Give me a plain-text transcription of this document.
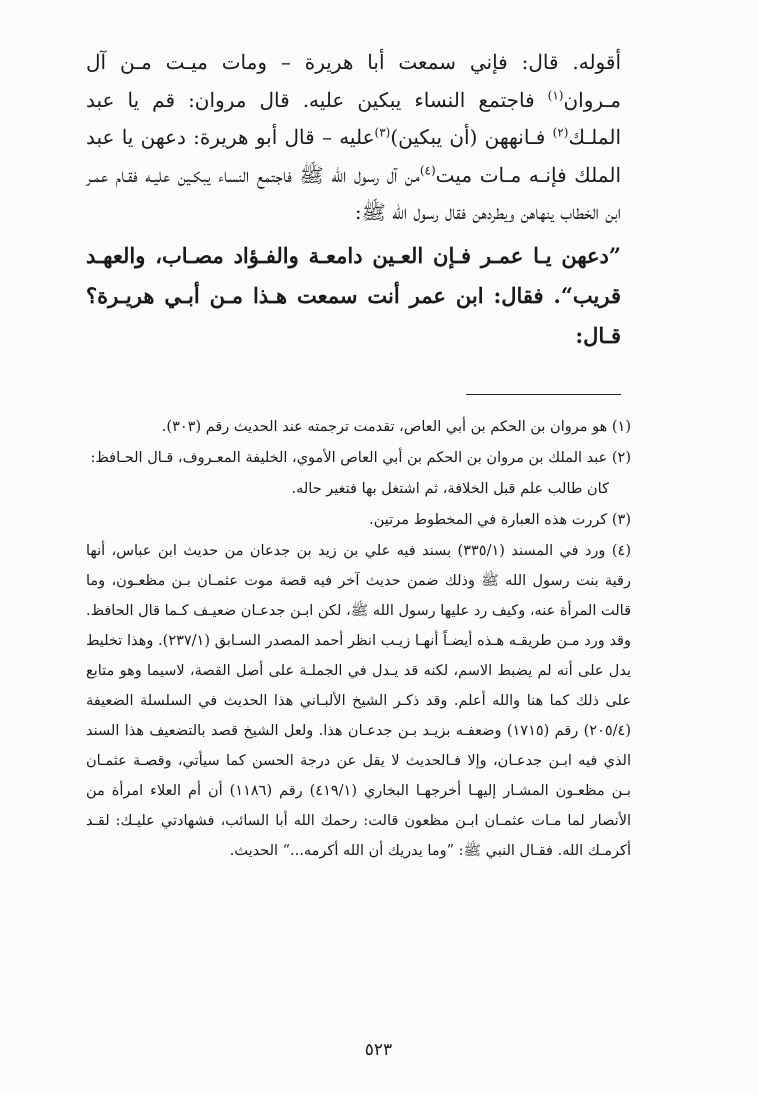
أقوله. قال: فإني سمعت أبا هريرة – ومات ميـت مـن آل مـروان$^{(١)}$ فاجتمع النساء يبكين عليه. قال مروان: قم يا عبد الملـك$^{(٢)}$ فـانههن (أن يبكين)$^{(٣)}$عليه – قال أبو هريرة: دعهن يا عبد الملك فإنـه مـات ميت$^{(٤)}$من آل رسول الله ﷺ فاجتمع النساء يبكـين عليـه فقـام عمـر ابن الخطاب ينهاهن ويطردهن فقال رسول الله ﷺ:

”دعهن يـا عمـر فـإن العـين دامعـة والفـؤاد مصـاب، والعهـد قريب“. فقال: ابن عمر أنت سمعت هـذا مـن أبـي هريـرة؟ قـال:

(١) هو مروان بن الحكم بن أبي العاص، تقدمت ترجمته عند الحديث رقم (٣٠٣).

(٢) عبد الملك بن مروان بن الحكم بن أبي العاص الأموي، الخليفة المعـروف، قـال الحـافظ:

كان طالب علم قبل الخلافة، ثم اشتغل بها فتغير حاله.

(٣) كررت هذه العبارة في المخطوط مرتين.

(٤) ورد في المسند (٣٣٥/١) بسند فيه علي بن زيد بن جدعان من حديث ابن عباس، أنها رقية بنت رسول الله ﷺ وذلك ضمن حديث آخر فيه قصة موت عثمـان بـن مظعـون، وما قالت المرأة عنه، وكيف رد عليها رسول الله ﷺ، لكن ابـن جدعـان ضعيـف كـما قال الحافظ. وقد ورد مـن طريقـه هـذه أيضـاً أنهـا زيـب انظر أحمد المصدر السـابق (٢٣٧/١). وهذا تخليط يدل على أنه لم يضبط الاسم، لكنه قد يـدل في الجملـة على أصل القصة، لاسيما وهو متابع على ذلك كما هنا والله أعلم. وقد ذكـر الشيخ الألبـاني هذا الحديث في السلسلة الضعيفة (٢٠٥/٤) رقم (١٧١٥) وضعفـه بزيـد بـن جدعـان هذا. ولعل الشيخ قصد بالتضعيف هذا السند الذي فيه ابـن جدعـان، وإلا فـالحديث لا يقل عن درجة الحسن كما سيأتي، وقصـة عثمـان بـن مظعـون المشـار إليهـا أخرجهـا البخاري (٤١٩/١) رقم (١١٨٦) أن أم العلاء امرأة من الأنصار لما مـات عثمـان ابـن مظعون قالت: رحمك الله أبا السائب، فشهادتي عليـك: لقـد أكرمـك الله. فقـال النبي ﷺ: ”وما يدريك أن الله أكرمه...“ الحديث.

٥٢٣
